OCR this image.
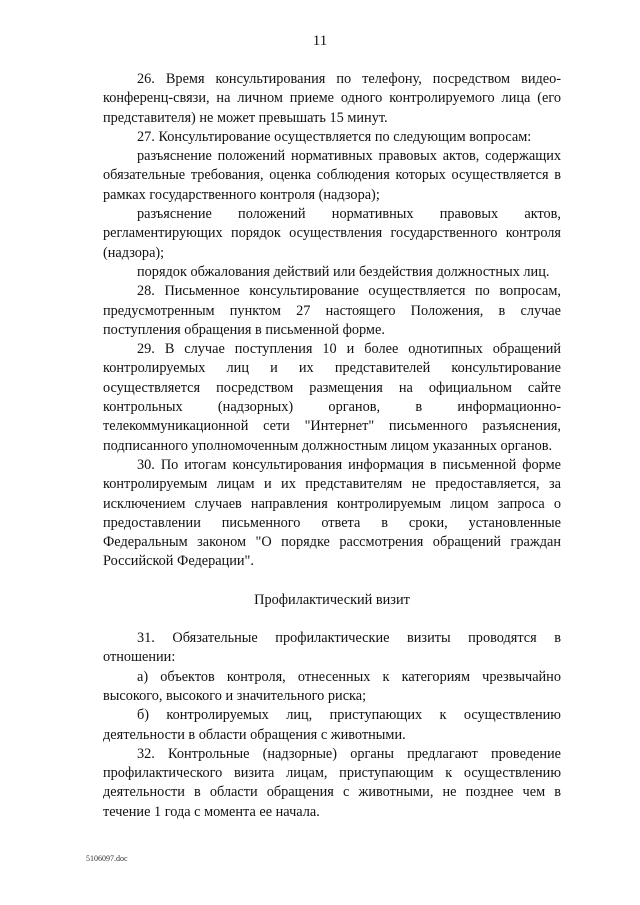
11

26. Время консультирования по телефону, посредством видео-конференц-связи, на личном приеме одного контролируемого лица (его представителя) не может превышать 15 минут.

27. Консультирование осуществляется по следующим вопросам:

разъяснение положений нормативных правовых актов, содержащих обязательные требования, оценка соблюдения которых осуществляется в рамках государственного контроля (надзора);

разъяснение положений нормативных правовых актов, регламентирующих порядок осуществления государственного контроля (надзора);

порядок обжалования действий или бездействия должностных лиц.

28. Письменное консультирование осуществляется по вопросам, предусмотренным пунктом 27 настоящего Положения, в случае поступления обращения в письменной форме.

29. В случае поступления 10 и более однотипных обращений контролируемых лиц и их представителей консультирование осуществляется посредством размещения на официальном сайте контрольных (надзорных) органов, в информационно-телекоммуникационной сети "Интернет" письменного разъяснения, подписанного уполномоченным должностным лицом указанных органов.

30. По итогам консультирования информация в письменной форме контролируемым лицам и их представителям не предоставляется, за исключением случаев направления контролируемым лицом запроса о предоставлении письменного ответа в сроки, установленные Федеральным законом "О порядке рассмотрения обращений граждан Российской Федерации".

Профилактический визит

31. Обязательные профилактические визиты проводятся в отношении:

а) объектов контроля, отнесенных к категориям чрезвычайно высокого, высокого и значительного риска;

б) контролируемых лиц, приступающих к осуществлению деятельности в области обращения с животными.

32. Контрольные (надзорные) органы предлагают проведение профилактического визита лицам, приступающим к осуществлению деятельности в области обращения с животными, не позднее чем в течение 1 года с момента ее начала.

5106097.doc
